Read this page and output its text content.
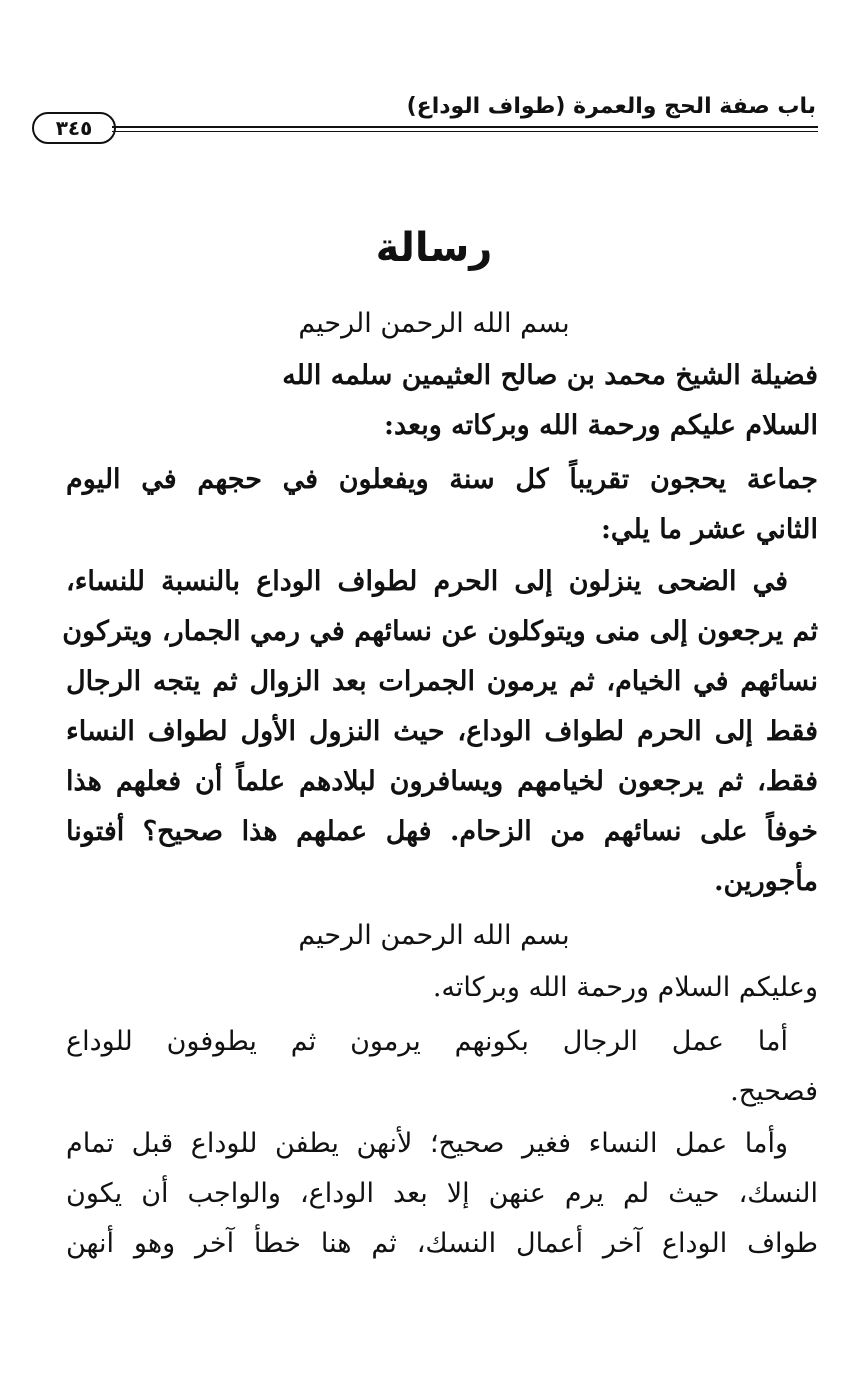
باب صفة الحج والعمرة (طواف الوداع)
٣٤٥
رسالة
بسم الله الرحمن الرحيم
فضيلة الشيخ محمد بن صالح العثيمين سلمه الله
السلام عليكم ورحمة الله وبركاته وبعد:
جماعة يحجون تقريباً كل سنة ويفعلون في حجهم في اليوم
الثاني عشر ما يلي:
في الضحى ينزلون إلى الحرم لطواف الوداع بالنسبة للنساء،
ثم يرجعون إلى منى ويتوكلون عن نسائهم في رمي الجمار، ويتركون
نسائهم في الخيام، ثم يرمون الجمرات بعد الزوال ثم يتجه الرجال
فقط إلى الحرم لطواف الوداع، حيث النزول الأول لطواف النساء
فقط، ثم يرجعون لخيامهم ويسافرون لبلادهم علماً أن فعلهم هذا
خوفاً على نسائهم من الزحام. فهل عملهم هذا صحيح؟ أفتونا
مأجورين.
بسم الله الرحمن الرحيم
وعليكم السلام ورحمة الله وبركاته.
أما عمل الرجال بكونهم يرمون ثم يطوفون للوداع
فصحيح.
وأما عمل النساء فغير صحيح؛ لأنهن يطفن للوداع قبل تمام
النسك، حيث لم يرم عنهن إلا بعد الوداع، والواجب أن يكون
طواف الوداع آخر أعمال النسك، ثم هنا خطأ آخر وهو أنهن
